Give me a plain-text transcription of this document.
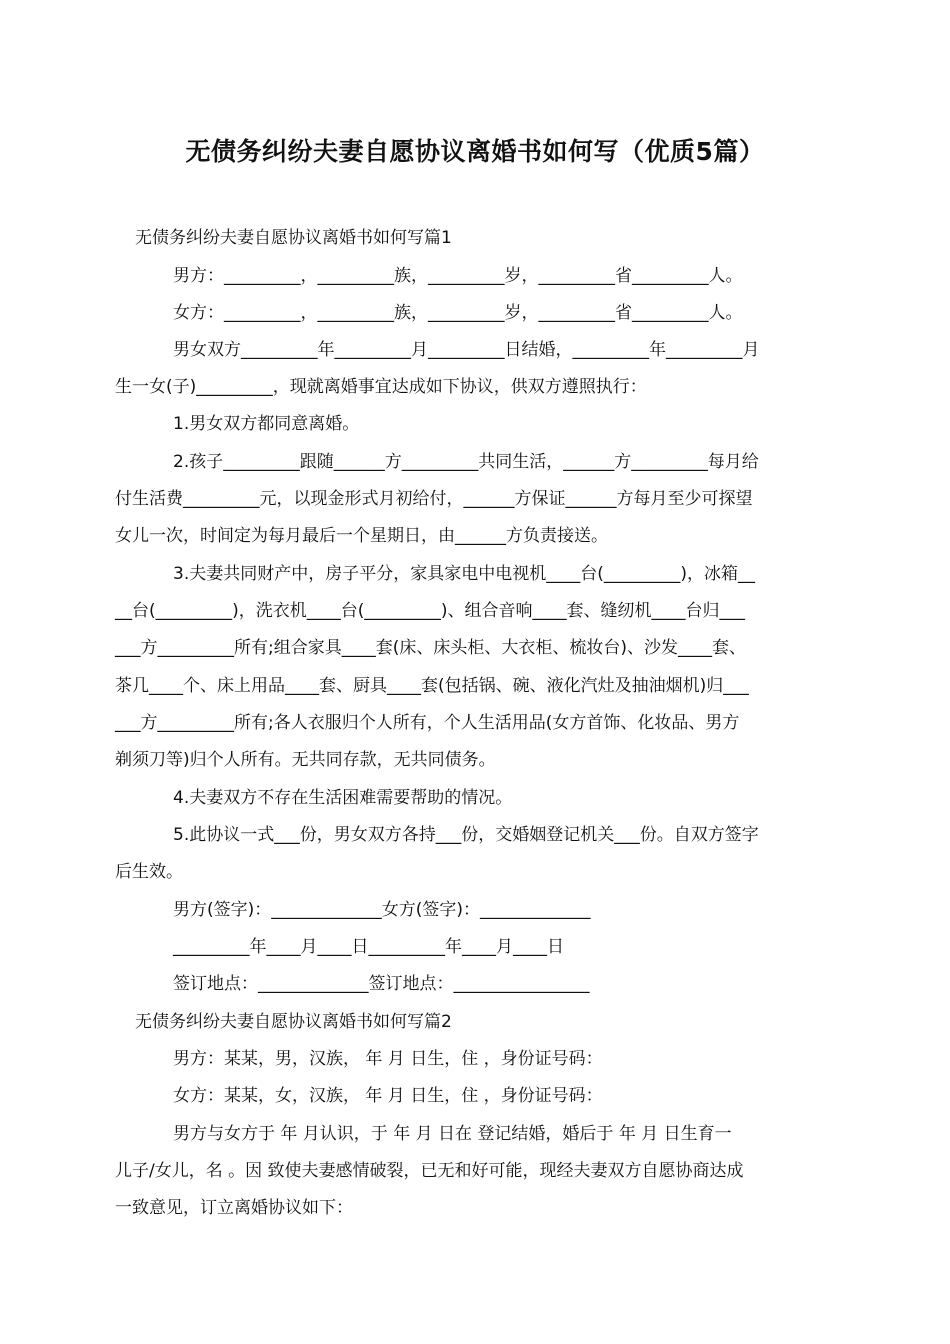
无债务纠纷夫妻自愿协议离婚书如何写（优质5篇）
无债务纠纷夫妻自愿协议离婚书如何写篇1
男方：_________，_________族，_________岁，_________省_________人。
女方：_________，_________族，_________岁，_________省_________人。
男女双方_________年_________月_________日结婚，_________年_________月
生一女(子)_________，现就离婚事宜达成如下协议，供双方遵照执行：
1.男女双方都同意离婚。
2.孩子_________跟随______方_________共同生活，______方_________每月给
付生活费_________元，以现金形式月初给付，______方保证______方每月至少可探望
女儿一次，时间定为每月最后一个星期日，由______方负责接送。
3.夫妻共同财产中，房子平分，家具家电中电视机____台(_________)，冰箱__
__台(_________)，洗衣机____台(_________)、组合音响____套、缝纫机____台归___
___方_________所有;组合家具____套(床、床头柜、大衣柜、梳妆台)、沙发____套、
茶几____个、床上用品____套、厨具____套(包括锅、碗、液化汽灶及抽油烟机)归___
___方_________所有;各人衣服归个人所有，个人生活用品(女方首饰、化妆品、男方
剃须刀等)归个人所有。无共同存款，无共同债务。
4.夫妻双方不存在生活困难需要帮助的情况。
5.此协议一式___份，男女双方各持___份，交婚姻登记机关___份。自双方签字
后生效。
男方(签字)：_____________女方(签字)：_____________
_________年____月____日_________年____月____日
签订地点：_____________签订地点：________________
无债务纠纷夫妻自愿协议离婚书如何写篇2
男方：某某，男，汉族， 年 月 日生，住 ，身份证号码：
女方：某某，女，汉族， 年 月 日生，住 ，身份证号码：
男方与女方于 年 月认识，于 年 月 日在 登记结婚，婚后于 年 月 日生育一
儿子/女儿，名 。因 致使夫妻感情破裂，已无和好可能，现经夫妻双方自愿协商达成
一致意见，订立离婚协议如下：
